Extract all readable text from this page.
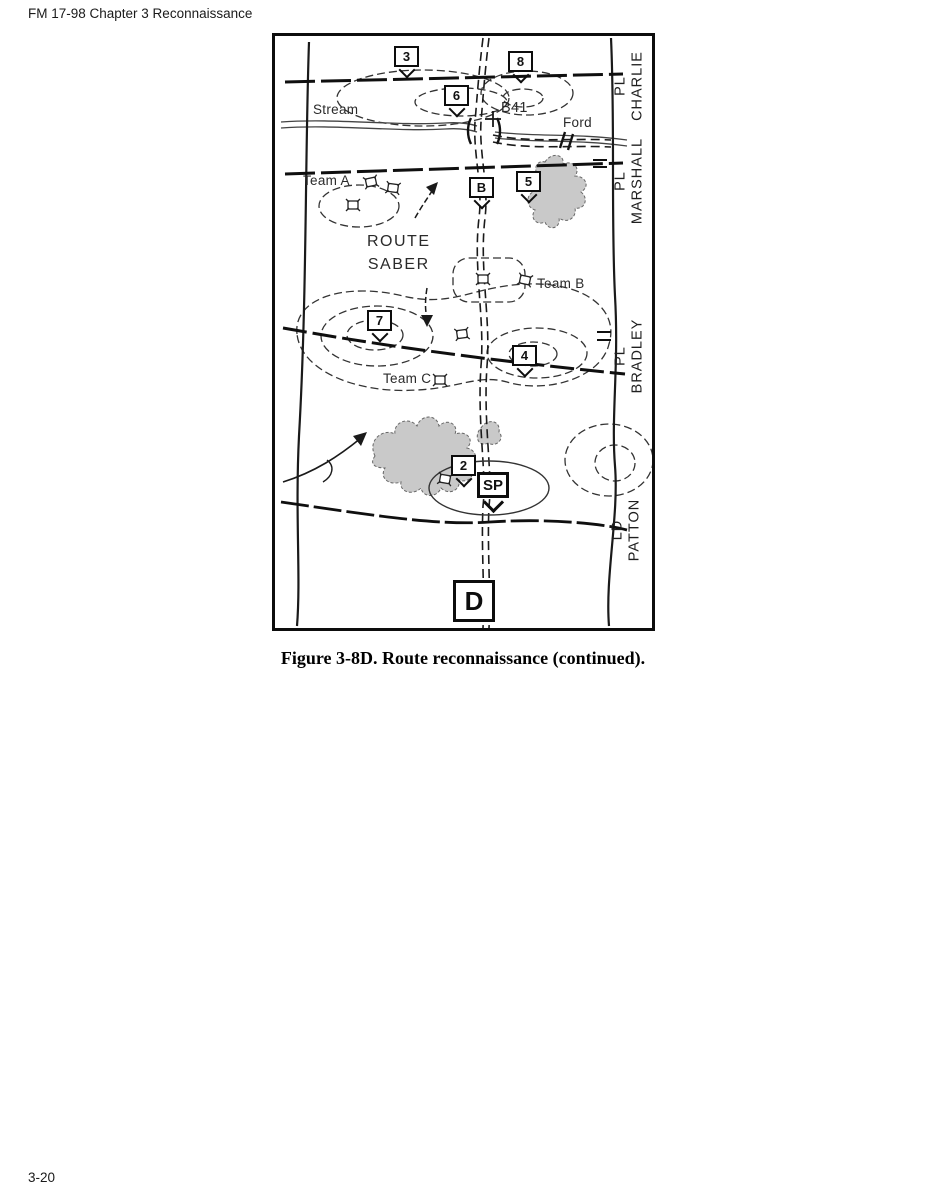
FM 17-98 Chapter 3 Reconnaissance
Stream	B41
Ford
Team A
Team B
Team C
ROUTE
SABER
PL CHARLIE
PL MARSHALL
PL BRADLEY
LD PATTON
3	8
6
B	5
7
4
2
SP
D
Figure 3-8D. Route reconnaissance (continued).
3-20
